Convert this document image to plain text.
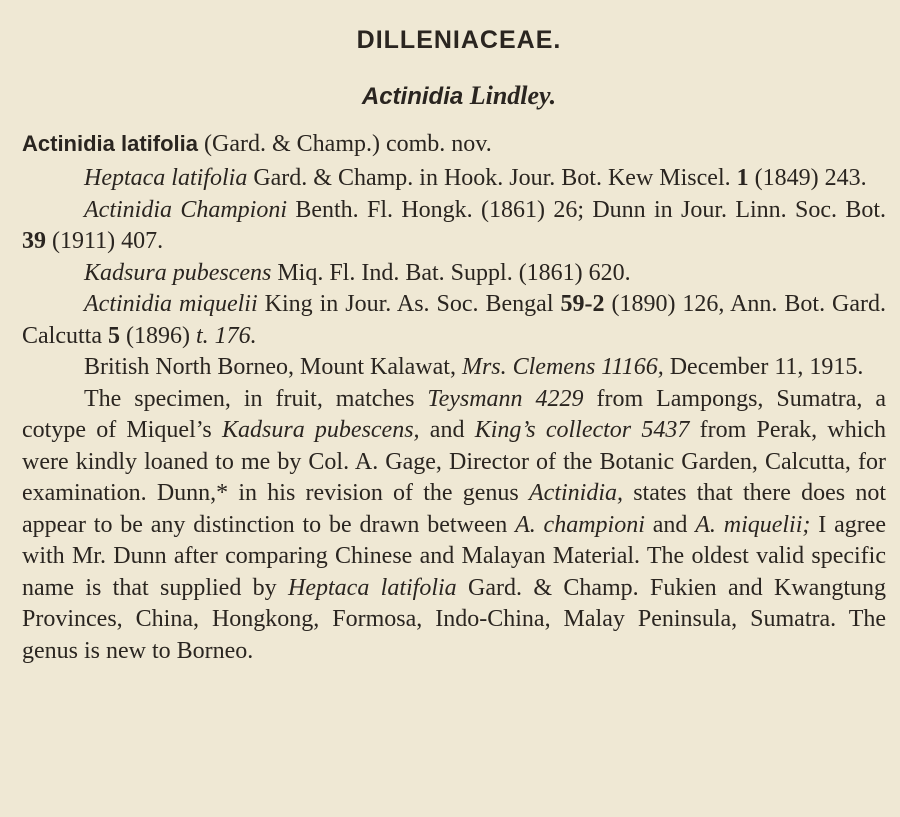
DILLENIACEAE.
Actinidia Lindley.

Actinidia latifolia (Gard. & Champ.) comb. nov.

Heptaca latifolia Gard. & Champ. in Hook. Jour. Bot. Kew Miscel. 1 (1849) 243.

Actinidia Championi Benth. Fl. Hongk. (1861) 26; Dunn in Jour. Linn. Soc. Bot. 39 (1911) 407.

Kadsura pubescens Miq. Fl. Ind. Bat. Suppl. (1861) 620.

Actinidia miquelii King in Jour. As. Soc. Bengal 59-2 (1890) 126, Ann. Bot. Gard. Calcutta 5 (1896) t. 176.

British North Borneo, Mount Kalawat, Mrs. Clemens 11166, December 11, 1915.

The specimen, in fruit, matches Teysmann 4229 from Lampongs, Sumatra, a cotype of Miquel’s Kadsura pubescens, and King’s collector 5437 from Perak, which were kindly loaned to me by Col. A. Gage, Director of the Botanic Garden, Calcutta, for examination. Dunn,* in his revision of the genus Actinidia, states that there does not appear to be any distinction to be drawn between A. championi and A. miquelii; I agree with Mr. Dunn after comparing Chinese and Malayan Material. The oldest valid specific name is that supplied by Heptaca latifolia Gard. & Champ. Fukien and Kwangtung Provinces, China, Hongkong, Formosa, Indo-China, Malay Peninsula, Sumatra. The genus is new to Borneo.
